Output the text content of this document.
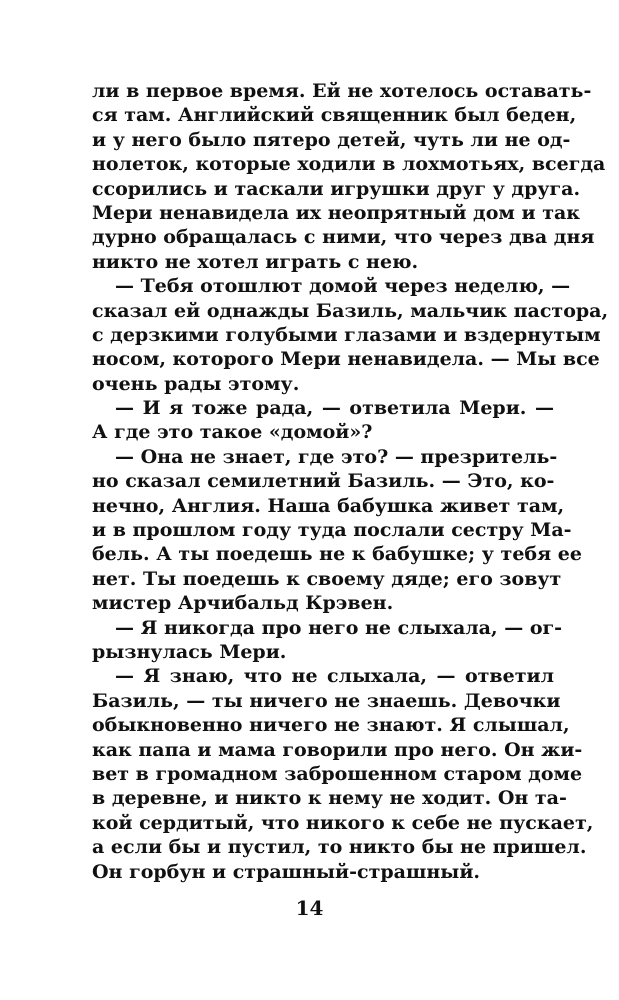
ли в первое время. Ей не хотелось оставать-
ся там. Английский священник был беден,
и у него было пятеро детей, чуть ли не од-
нолеток, которые ходили в лохмотьях, всегда
ссорились и таскали игрушки друг у друга.
Мери ненавидела их неопрятный дом и так
дурно обращалась с ними, что через два дня
никто не хотел играть с нею.
— Тебя отошлют домой через неделю, —
сказал ей однажды Базиль, мальчик пастора,
с дерзкими голубыми глазами и вздернутым
носом, которого Мери ненавидела. — Мы все
очень рады этому.
— И я тоже рада, — ответила Мери. —
А где это такое «домой»?
— Она не знает, где это? — презритель-
но сказал семилетний Базиль. — Это, ко-
нечно, Англия. Наша бабушка живет там,
и в прошлом году туда послали сестру Ма-
бель. А ты поедешь не к бабушке; у тебя ее
нет. Ты поедешь к своему дяде; его зовут
мистер Арчибальд Крэвен.
— Я никогда про него не слыхала, — ог-
рызнулась Мери.
— Я знаю, что не слыхала, — ответил
Базиль, — ты ничего не знаешь. Девочки
обыкновенно ничего не знают. Я слышал,
как папа и мама говорили про него. Он жи-
вет в громадном заброшенном старом доме
в деревне, и никто к нему не ходит. Он та-
кой сердитый, что никого к себе не пускает,
а если бы и пустил, то никто бы не пришел.
Он горбун и страшный-страшный.
14
